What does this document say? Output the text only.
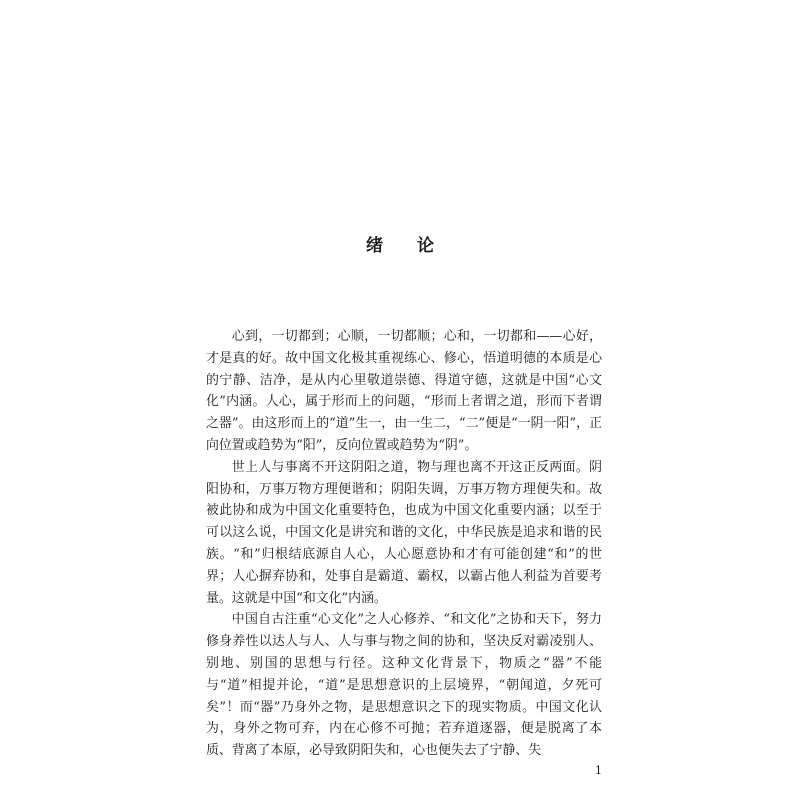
绪 论

心到，一切都到；心顺，一切都顺；心和，一切都和——心好，才是真的好。故中国文化极其重视练心、修心，悟道明德的本质是心的宁静、洁净，是从内心里敬道崇德、得道守德，这就是中国“心文化”内涵。人心，属于形而上的问题，“形而上者谓之道，形而下者谓之器”。由这形而上的“道”生一，由一生二，“二”便是“一阴一阳”，正向位置或趋势为“阳”，反向位置或趋势为“阴”。

世上人与事离不开这阴阳之道，物与理也离不开这正反两面。阴阳协和，万事万物方理便谐和；阴阳失调，万事万物方理便失和。故被此协和成为中国文化重要特色，也成为中国文化重要内涵；以至于可以这么说，中国文化是讲究和谐的文化，中华民族是追求和谐的民族。“和”归根结底源自人心，人心愿意协和才有可能创建“和”的世界；人心摒弃协和，处事自是霸道、霸权，以霸占他人利益为首要考量。这就是中国“和文化”内涵。

中国自古注重“心文化”之人心修养、“和文化”之协和天下，努力修身养性以达人与人、人与事与物之间的协和，坚决反对霸凌别人、别地、别国的思想与行径。这种文化背景下，物质之“器”不能与“道”相提并论，“道”是思想意识的上层境界，“朝闻道，夕死可矣”！而“器”乃身外之物，是思想意识之下的现实物质。中国文化认为，身外之物可弃，内在心修不可抛；若弃道逐器，便是脱离了本质、背离了本原，必导致阴阳失和，心也便失去了宁静、失

1
